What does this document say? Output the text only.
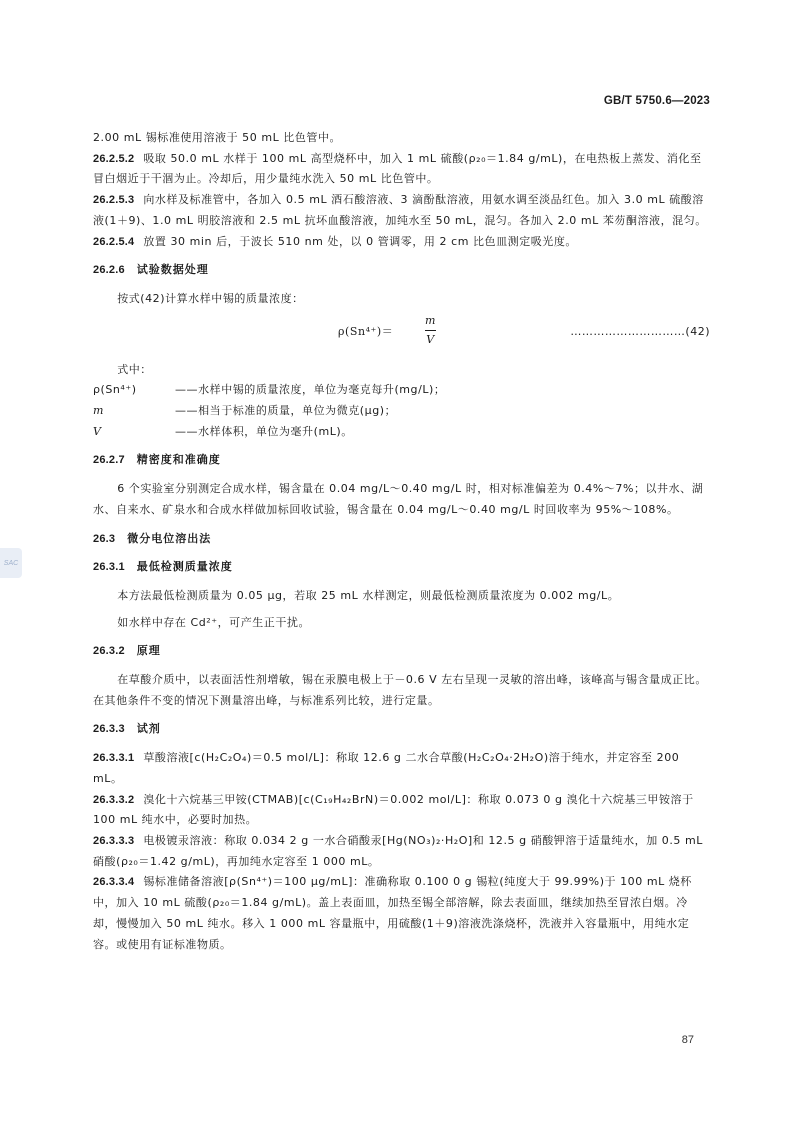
GB/T 5750.6—2023
SAC

2.00 mL 锡标准使用溶液于 50 mL 比色管中。

26.2.5.2 吸取 50.0 mL 水样于 100 mL 高型烧杯中，加入 1 mL 硫酸(ρ₂₀＝1.84 g/mL)，在电热板上蒸发、消化至冒白烟近于干涸为止。冷却后，用少量纯水洗入 50 mL 比色管中。

26.2.5.3 向水样及标准管中，各加入 0.5 mL 酒石酸溶液、3 滴酚酞溶液，用氨水调至淡品红色。加入 3.0 mL 硫酸溶液(1＋9)、1.0 mL 明胶溶液和 2.5 mL 抗坏血酸溶液，加纯水至 50 mL，混匀。各加入 2.0 mL 苯芴酮溶液，混匀。

26.2.5.4 放置 30 min 后，于波长 510 nm 处，以 0 管调零，用 2 cm 比色皿测定吸光度。

26.2.6 试验数据处理

按式(42)计算水样中锡的质量浓度：

ρ(Sn⁴⁺)＝	$\frac{m}{V}$	…………………………(42)

式中：

ρ(Sn⁴⁺)	——水样中锡的质量浓度，单位为毫克每升(mg/L)；
m	——相当于标准的质量，单位为微克(μg)；
V	——水样体积，单位为毫升(mL)。

26.2.7 精密度和准确度

6 个实验室分别测定合成水样，锡含量在 0.04 mg/L～0.40 mg/L 时，相对标准偏差为 0.4%～7%；以井水、湖水、自来水、矿泉水和合成水样做加标回收试验，锡含量在 0.04 mg/L～0.40 mg/L 时回收率为 95%～108%。

26.3 微分电位溶出法

26.3.1 最低检测质量浓度

本方法最低检测质量为 0.05 μg，若取 25 mL 水样测定，则最低检测质量浓度为 0.002 mg/L。

如水样中存在 Cd²⁺，可产生正干扰。

26.3.2 原理

在草酸介质中，以表面活性剂增敏，锡在汞膜电极上于－0.6 V 左右呈现一灵敏的溶出峰，该峰高与锡含量成正比。在其他条件不变的情况下测量溶出峰，与标准系列比较，进行定量。

26.3.3 试剂

26.3.3.1 草酸溶液[c(H₂C₂O₄)＝0.5 mol/L]：称取 12.6 g 二水合草酸(H₂C₂O₄·2H₂O)溶于纯水，并定容至 200 mL。

26.3.3.2 溴化十六烷基三甲铵(CTMAB)[c(C₁₉H₄₂BrN)＝0.002 mol/L]：称取 0.073 0 g 溴化十六烷基三甲铵溶于 100 mL 纯水中，必要时加热。

26.3.3.3 电极镀汞溶液：称取 0.034 2 g 一水合硝酸汞[Hg(NO₃)₂·H₂O]和 12.5 g 硝酸钾溶于适量纯水，加 0.5 mL 硝酸(ρ₂₀＝1.42 g/mL)，再加纯水定容至 1 000 mL。

26.3.3.4 锡标准储备溶液[ρ(Sn⁴⁺)＝100 μg/mL]：准确称取 0.100 0 g 锡粒(纯度大于 99.99%)于 100 mL 烧杯中，加入 10 mL 硫酸(ρ₂₀＝1.84 g/mL)。盖上表面皿，加热至锡全部溶解，除去表面皿，继续加热至冒浓白烟。冷却，慢慢加入 50 mL 纯水。移入 1 000 mL 容量瓶中，用硫酸(1＋9)溶液洗涤烧杯，洗液并入容量瓶中，用纯水定容。或使用有证标准物质。

87
